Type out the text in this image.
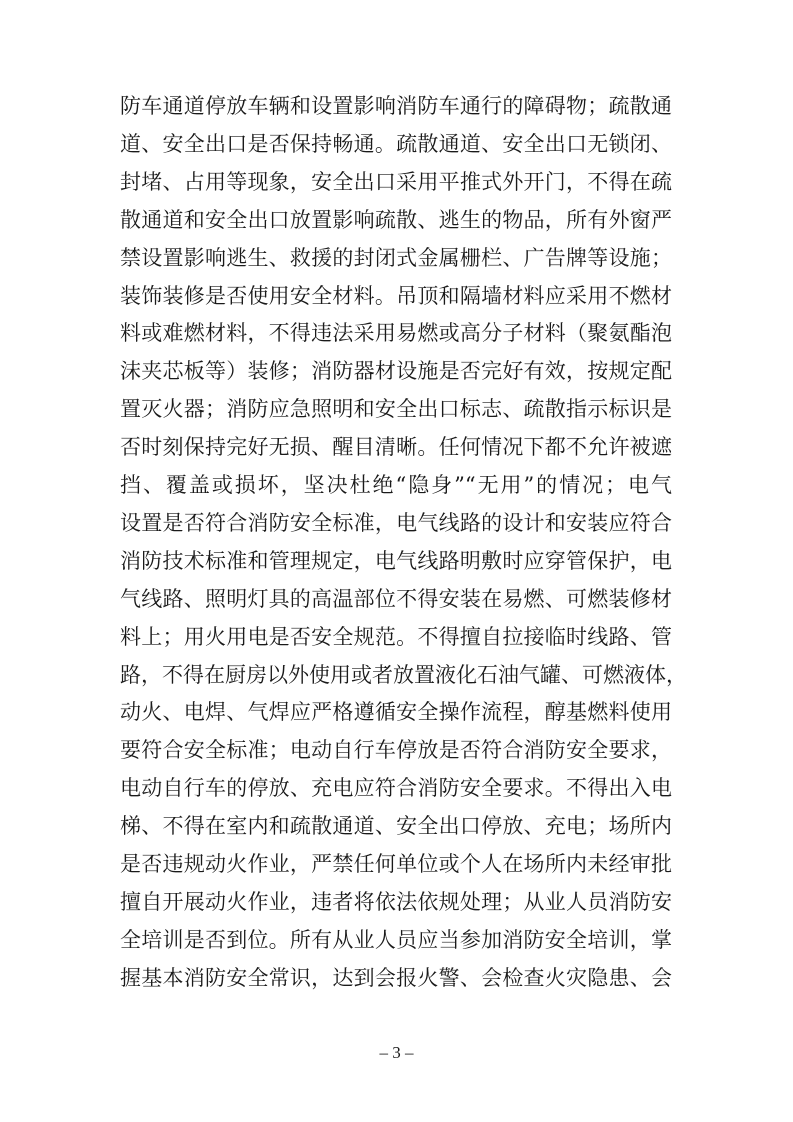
防车通道停放车辆和设置影响消防车通行的障碍物；疏散通
道、安全出口是否保持畅通。疏散通道、安全出口无锁闭、
封堵、占用等现象，安全出口采用平推式外开门，不得在疏
散通道和安全出口放置影响疏散、逃生的物品，所有外窗严
禁设置影响逃生、救援的封闭式金属栅栏、广告牌等设施；
装饰装修是否使用安全材料。吊顶和隔墙材料应采用不燃材
料或难燃材料，不得违法采用易燃或高分子材料（聚氨酯泡
沫夹芯板等）装修；消防器材设施是否完好有效，按规定配
置灭火器；消防应急照明和安全出口标志、疏散指示标识是
否时刻保持完好无损、醒目清晰。任何情况下都不允许被遮
挡、覆盖或损坏，坚决杜绝“隐身”“无用”的情况；电气
设置是否符合消防安全标准，电气线路的设计和安装应符合
消防技术标准和管理规定，电气线路明敷时应穿管保护，电
气线路、照明灯具的高温部位不得安装在易燃、可燃装修材
料上；用火用电是否安全规范。不得擅自拉接临时线路、管
路，不得在厨房以外使用或者放置液化石油气罐、可燃液体，
动火、电焊、气焊应严格遵循安全操作流程，醇基燃料使用
要符合安全标准；电动自行车停放是否符合消防安全要求，
电动自行车的停放、充电应符合消防安全要求。不得出入电
梯、不得在室内和疏散通道、安全出口停放、充电；场所内
是否违规动火作业，严禁任何单位或个人在场所内未经审批
擅自开展动火作业，违者将依法依规处理；从业人员消防安
全培训是否到位。所有从业人员应当参加消防安全培训，掌
握基本消防安全常识，达到会报火警、会检查火灾隐患、会
– 3 –
